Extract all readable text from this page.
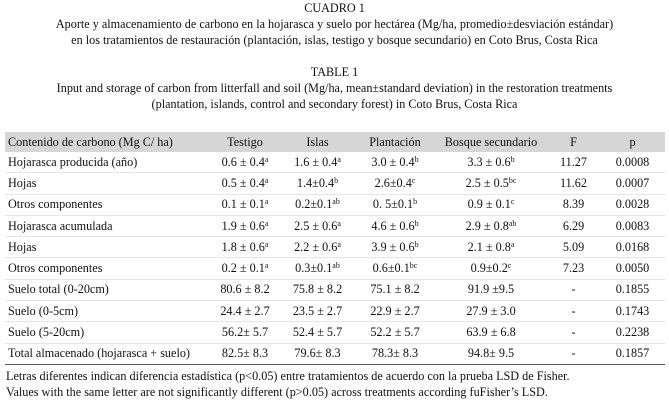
CUADRO 1
Aporte y almacenamiento de carbono en la hojarasca y suelo por hectárea (Mg/ha, promedio±desviación estándar)
en los tratamientos de restauración (plantación, islas, testigo y bosque secundario) en Coto Brus, Costa Rica
TABLE 1
Input and storage of carbon from litterfall and soil (Mg/ha, mean±standard deviation) in the restoration treatments
(plantation, islands, control and secondary forest) in Coto Brus, Costa Rica
Contenido de carbono (Mg C/ ha)	Testigo	Islas	Plantación	Bosque secundario	F	p
Hojarasca producida (año)	0.6 ± 0.4$^a$	1.6 ± 0.4$^a$	3.0 ± 0.4$^b$	3.3 ± 0.6$^b$	11.27	0.0008
Hojas	0.5 ± 0.4$^a$	1.4±0.4$^b$	2.6±0.4$^c$	2.5 ± 0.5$^{bc}$	11.62	0.0007
Otros componentes	0.1 ± 0.1$^a$	0.2±0.1$^{ab}$	0. 5±0.1$^b$	0.9 ± 0.1$^c$	8.39	0.0028
Hojarasca acumulada	1.9 ± 0.6$^a$	2.5 ± 0.6$^a$	4.6 ± 0.6$^b$	2.9 ± 0.8$^{ab}$	6.29	0.0083
Hojas	1.8 ± 0.6$^a$	2.2 ± 0.6$^a$	3.9 ± 0.6$^b$	2.1 ± 0.8$^a$	5.09	0.0168
Otros componentes	0.2 ± 0.1$^a$	0.3±0.1$^{ab}$	0.6±0.1$^{bc}$	0.9±0.2$^c$	7.23	0.0050
Suelo total (0-20cm)	80.6 ± 8.2	75.8 ± 8.2	75.1 ± 8.2	91.9 ±9.5	-	0.1855
Suelo (0-5cm)	24.4 ± 2.7	23.5 ± 2.7	22.9 ± 2.7	27.9 ± 3.0	-	0.1743
Suelo (5-20cm)	56.2± 5.7	52.4 ± 5.7	52.2 ± 5.7	63.9 ± 6.8	-	0.2238
Total almacenado (hojarasca + suelo)	82.5± 8.3	79.6± 8.3	78.3± 8.3	94.8± 9.5	-	0.1857
Letras diferentes indican diferencia estadística (p<0.05) entre tratamientos de acuerdo con la prueba LSD de Fisher.
Values with the same letter are not significantly different (p>0.05) across treatments according fuFisher’s LSD.
